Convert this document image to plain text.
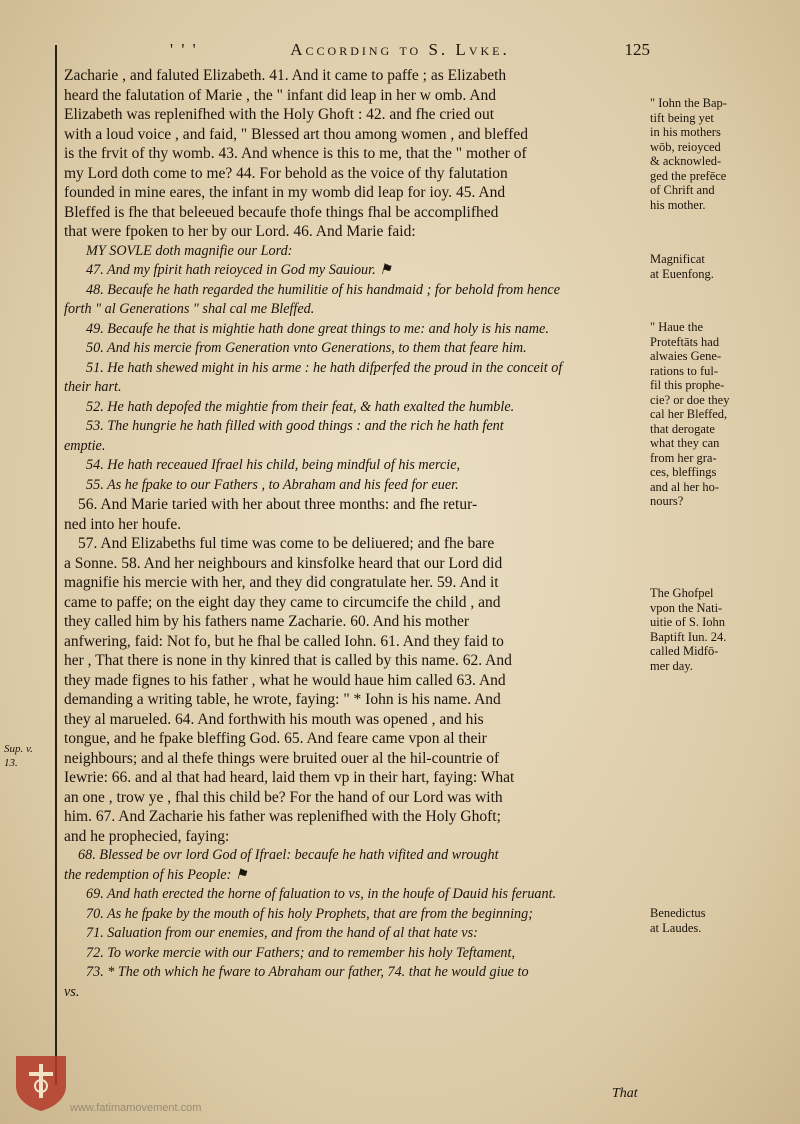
' ' '	According to S. Lvke.	125
Zacharie , and faluted Elizabeth. 41. And it came to paffe ; as Elizabeth
heard the falutation of Marie , the " infant did leap in her w omb. And
Elizabeth was replenifhed with the Holy Ghoft : 42. and fhe cried out
with a loud voice , and faid, " Blessed art thou among women , and bleffed
is the frvit of thy womb. 43. And whence is this to me, that the " mother of
my Lord doth come to me? 44. For behold as the voice of thy falutation
founded in mine eares, the infant in my womb did leap for ioy. 45. And
Bleffed is fhe that beleeued becaufe thofe things fhal be accomplifhed
that were fpoken to her by our Lord. 46. And Marie faid:
MY SOVLE doth magnifie our Lord:
47. And my fpirit hath reioyced in God my Sauiour. ⚑
48. Becaufe he hath regarded the humilitie of his handmaid ; for behold from hence
forth " al Generations " shal cal me Bleffed.
49. Becaufe he that is mightie hath done great things to me: and holy is his name.
50. And his mercie from Generation vnto Generations, to them that feare him.
51. He hath shewed might in his arme : he hath difperfed the proud in the conceit of
their hart.
52. He hath depofed the mightie from their feat, & hath exalted the humble.
53. The hungrie he hath filled with good things : and the rich he hath fent
emptie.
54. He hath receaued Ifrael his child, being mindful of his mercie,
55. As he fpake to our Fathers , to Abraham and his feed for euer.
56. And Marie taried with her about three months: and fhe retur-
ned into her houfe.
57. And Elizabeths ful time was come to be deliuered; and fhe bare
a Sonne. 58. And her neighbours and kinsfolke heard that our Lord did
magnifie his mercie with her, and they did congratulate her. 59. And it
came to paffe; on the eight day they came to circumcife the child , and
they called him by his fathers name Zacharie. 60. And his mother
anfwering, faid: Not fo, but he fhal be called Iohn. 61. And they faid to
her , That there is none in thy kinred that is called by this name. 62. And
they made fignes to his father , what he would haue him called 63. And
demanding a writing table, he wrote, faying: " * Iohn is his name. And
they al marueled. 64. And forthwith his mouth was opened , and his
tongue, and he fpake bleffing God. 65. And feare came vpon al their
neighbours; and al thefe things were bruited ouer al the hil-countrie of
Iewrie: 66. and al that had heard, laid them vp in their hart, faying: What
an one , trow ye , fhal this child be? For the hand of our Lord was with
him. 67. And Zacharie his father was replenifhed with the Holy Ghoft;
and he prophecied, faying:
68. Blessed be ovr lord God of Ifrael: becaufe he hath vifited and wrought
the redemption of his People: ⚑
69. And hath erected the horne of faluation to vs, in the houfe of Dauid his feruant.
70. As he fpake by the mouth of his holy Prophets, that are from the beginning;
71. Saluation from our enemies, and from the hand of al that hate vs:
72. To worke mercie with our Fathers; and to remember his holy Teftament,
73. * The oth which he fware to Abraham our father, 74. that he would giue to
vs.
" Iohn the Bap-
tift being yet
in his mothers
wōb, reioyced
& acknowled-
ged the prefēce
of Chrift and
his mother.
Magnificat
at Euenfong.
" Haue the
Proteftāts had
alwaies Gene-
rations to ful-
fil this prophe-
cie? or doe they
cal her Bleffed,
that derogate
what they can
from her gra-
ces, bleffings
and al her ho-
nours?
The Ghofpel
vpon the Nati-
uitie of S. Iohn
Baptift Iun. 24.
called Midfō-
mer day.
Benedictus
at Laudes.
Sup. v.
13.
That
www.fatimamovement.com
